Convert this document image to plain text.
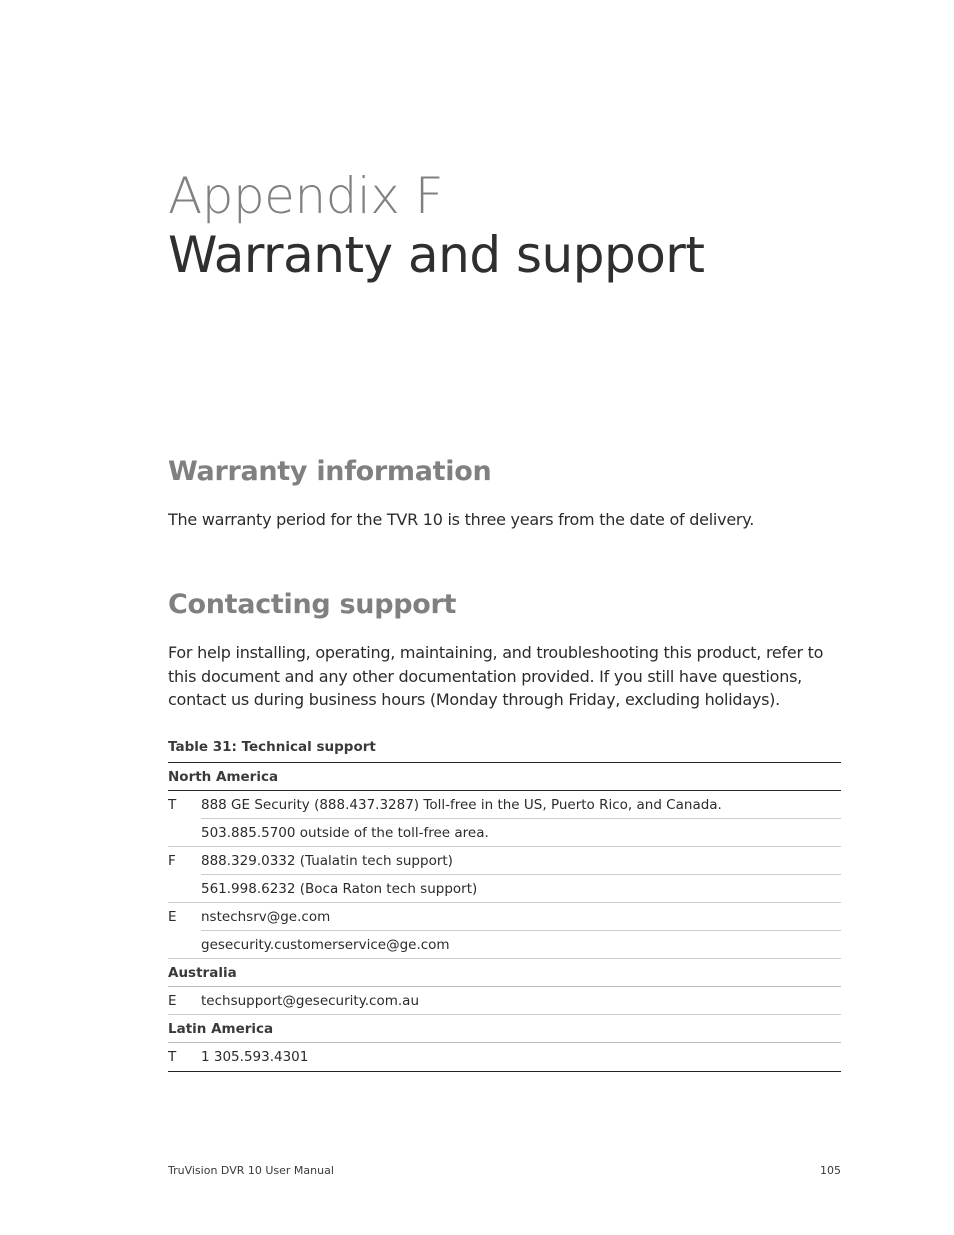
Appendix F
Warranty and support
Warranty information
The warranty period for the TVR 10 is three years from the date of delivery.
Contacting support
For help installing, operating, maintaining, and troubleshooting this product, refer to this document and any other documentation provided. If you still have questions, contact us during business hours (Monday through Friday, excluding holidays).
Table 31: Technical support
North America
T	888 GE Security (888.437.3287) Toll-free in the US, Puerto Rico, and Canada.
503.885.5700 outside of the toll-free area.
F	888.329.0332 (Tualatin tech support)
561.998.6232 (Boca Raton tech support)
E	nstechsrv@ge.com
gesecurity.customerservice@ge.com
Australia
E	techsupport@gesecurity.com.au
Latin America
T	1 305.593.4301
TruVision DVR 10 User Manual	105
